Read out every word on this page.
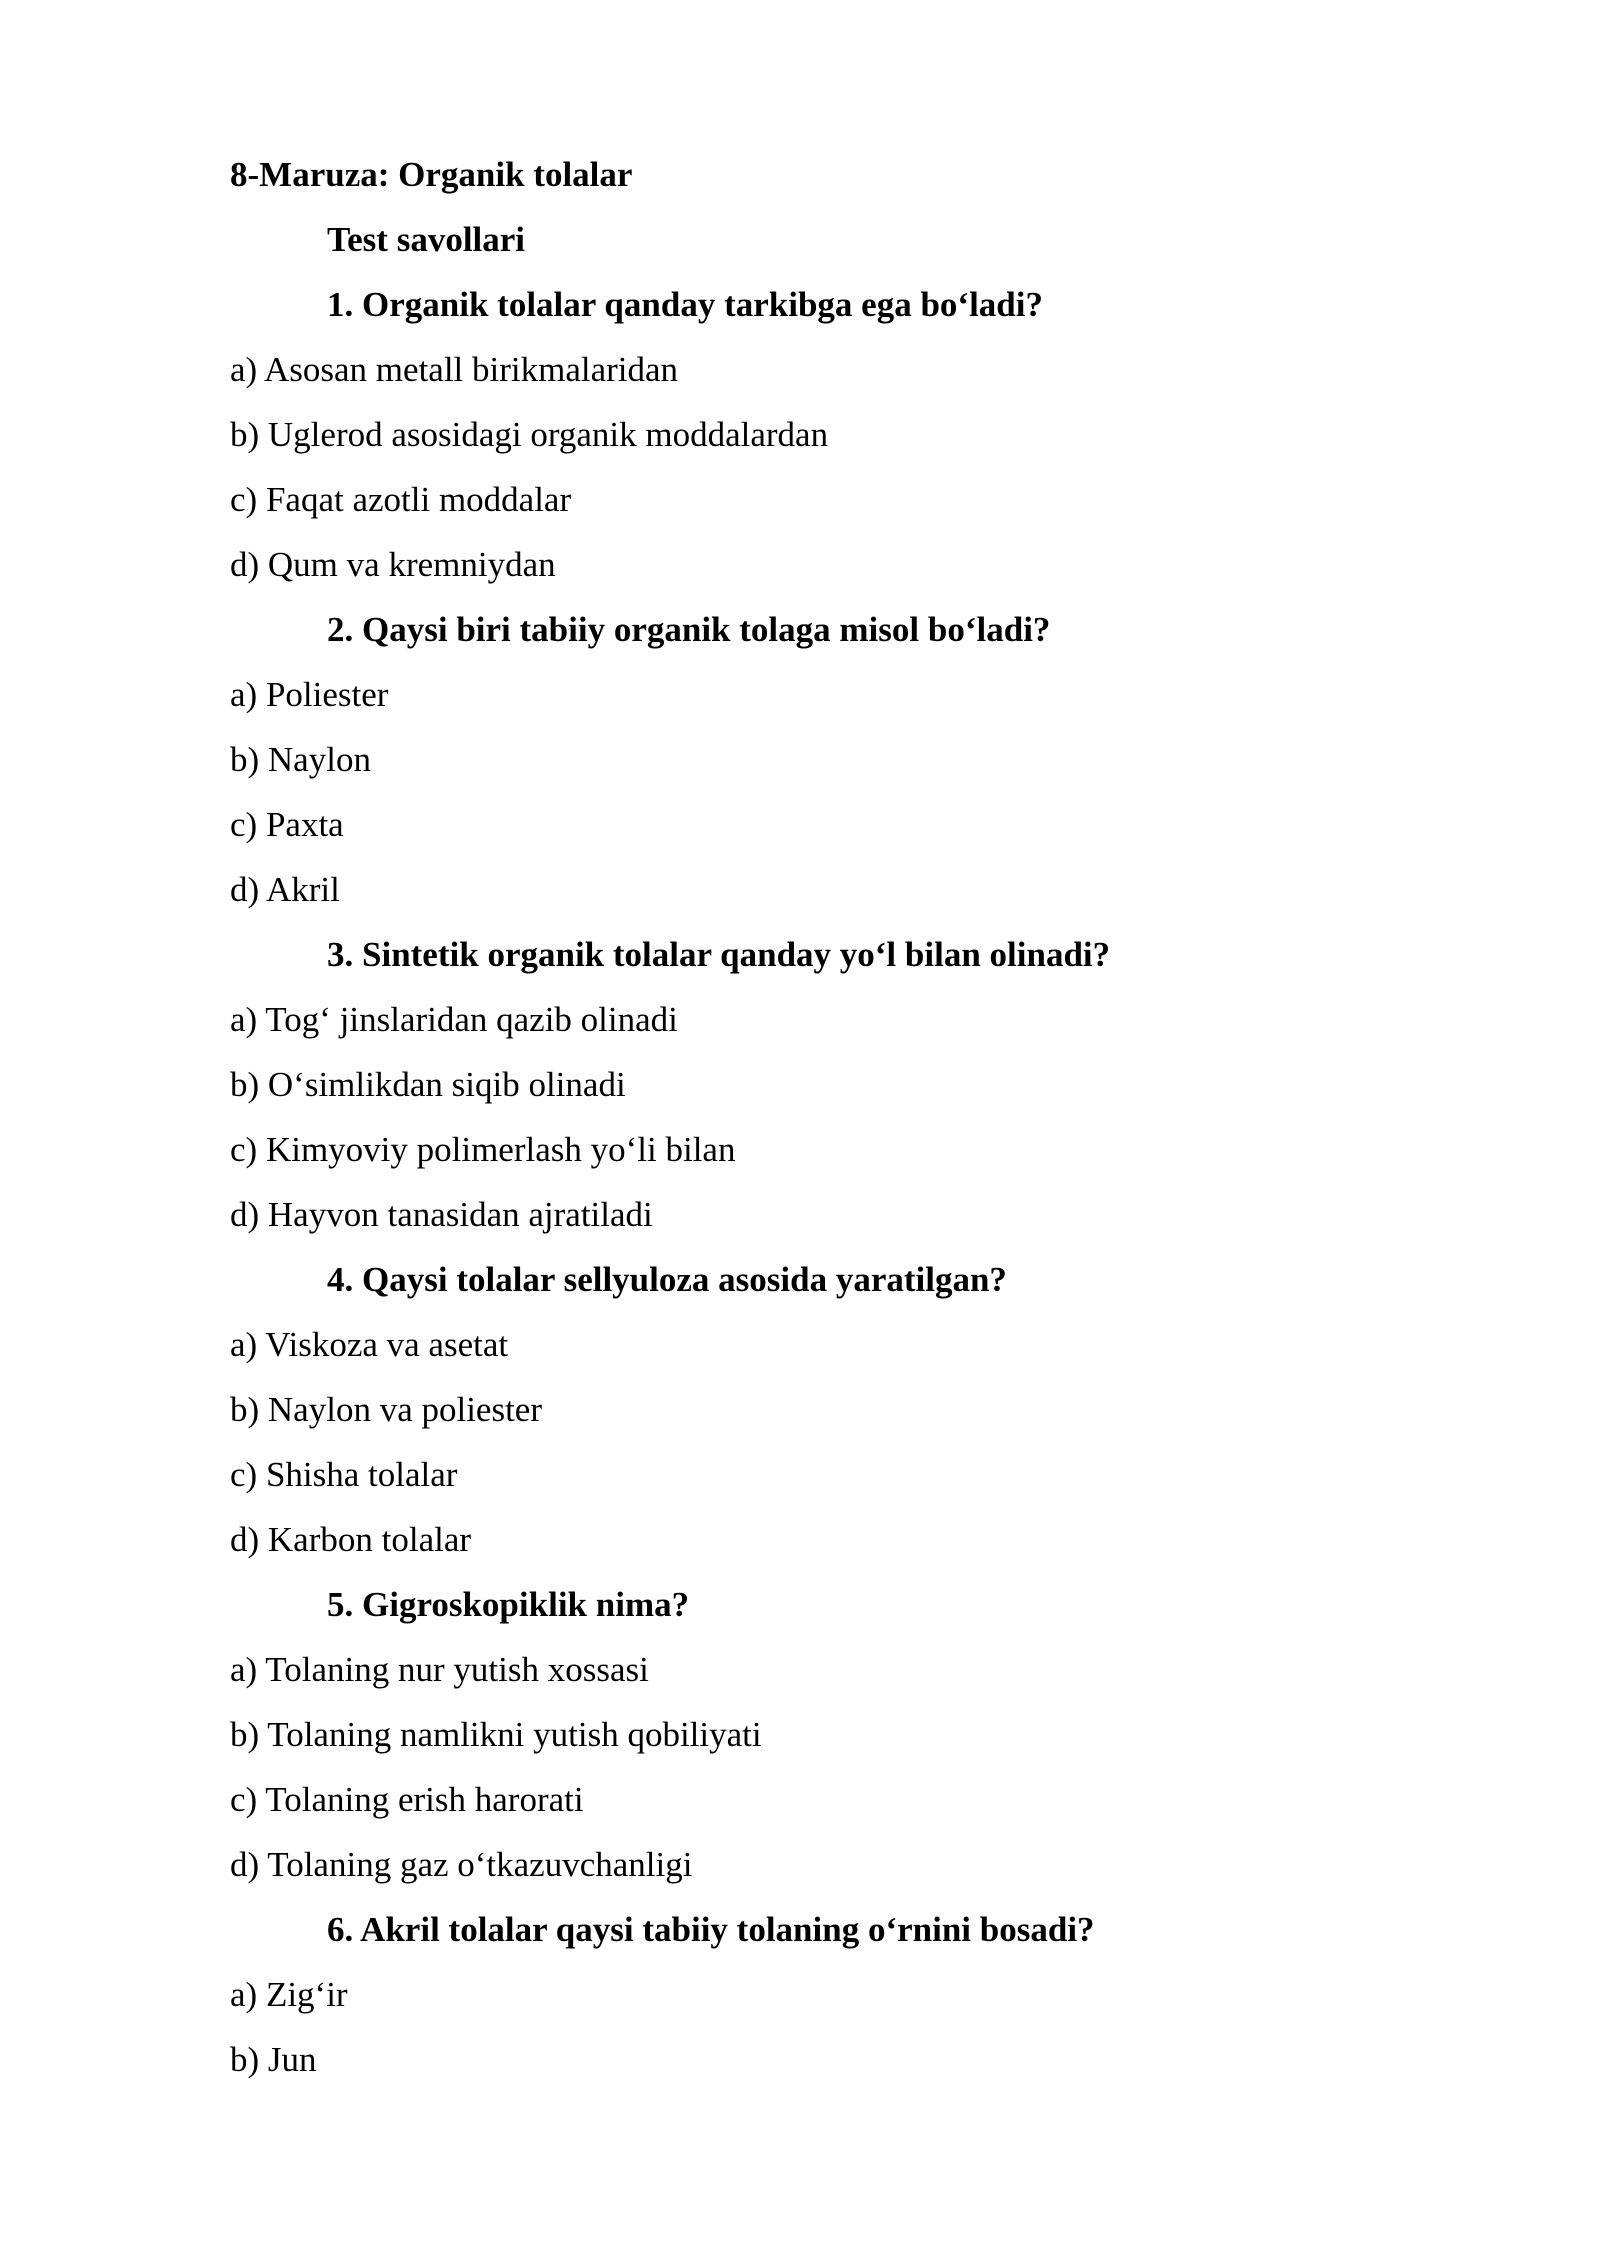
8-Maruza: Organik tolalar
Test savollari
1. Organik tolalar qanday tarkibga ega bo‘ladi?
a) Asosan metall birikmalaridan
b) Uglerod asosidagi organik moddalardan
c) Faqat azotli moddalar
d) Qum va kremniydan
2. Qaysi biri tabiiy organik tolaga misol bo‘ladi?
a) Poliester
b) Naylon
c) Paxta
d) Akril
3. Sintetik organik tolalar qanday yo‘l bilan olinadi?
a) Tog‘ jinslaridan qazib olinadi
b) O‘simlikdan siqib olinadi
c) Kimyoviy polimerlash yo‘li bilan
d) Hayvon tanasidan ajratiladi
4. Qaysi tolalar sellyuloza asosida yaratilgan?
a) Viskoza va asetat
b) Naylon va poliester
c) Shisha tolalar
d) Karbon tolalar
5. Gigroskopiklik nima?
a) Tolaning nur yutish xossasi
b) Tolaning namlikni yutish qobiliyati
c) Tolaning erish harorati
d) Tolaning gaz o‘tkazuvchanligi
6. Akril tolalar qaysi tabiiy tolaning o‘rnini bosadi?
a) Zig‘ir
b) Jun
